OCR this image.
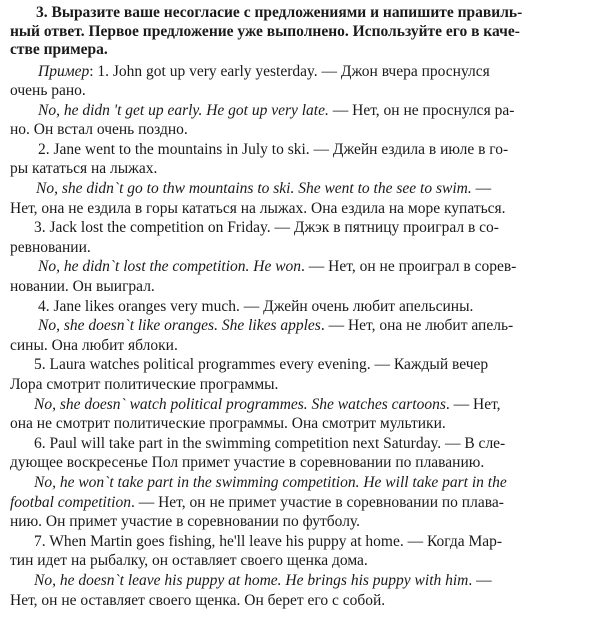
3. Выразите ваше несогласие с предложениями и напишите правиль-
ный ответ. Первое предложение уже выполнено. Используйте его в каче-
стве примера.

Пример: 1. John got up very early yesterday. — Джон вчера проснулся

очень рано.

No, he didn 't get up early. He got up very late. — Нет, он не проснулся ра-

но. Он встал очень поздно.

2. Jane went to the mountains in July to ski. — Джейн ездила в июле в го-

ры кататься на лыжах.

No, she didn`t go to thw mountains to ski. She went to the see to swim. —

Нет, она не ездила в горы кататься на лыжах. Она ездила на море купаться.

3. Jack lost the competition on Friday. — Джэк в пятницу проиграл в со-

ревновании.

No, he didn`t lost the competition. He won. — Нет, он не проиграл в сорев-

новании. Он выиграл.

4. Jane likes oranges very much. — Джейн очень любит апельсины.

No, she doesn`t like oranges. She likes apples. — Нет, она не любит апель-

сины. Она любит яблоки.

5. Laura watches political programmes every evening. — Каждый вечер

Лора смотрит политические программы.

No, she doesn` watch political programmes. She watches cartoons. — Нет,

она не смотрит политические программы. Она смотрит мультики.

6. Paul will take part in the swimming competition next Saturday. — В сле-

дующее воскресенье Пол примет участие в соревновании по плаванию.

No, he won`t take part in the swimming competition. He will take part in the

footbal competition. — Нет, он не примет участие в соревновании по плава-

нию. Он примет участие в соревновании по футболу.

7. When Martin goes fishing, he'll leave his puppy at home. — Когда Мар-

тин идет на рыбалку, он оставляет своего щенка дома.

No, he doesn`t leave his puppy at home. He brings his puppy with him. —

Нет, он не оставляет своего щенка. Он берет его с собой.
